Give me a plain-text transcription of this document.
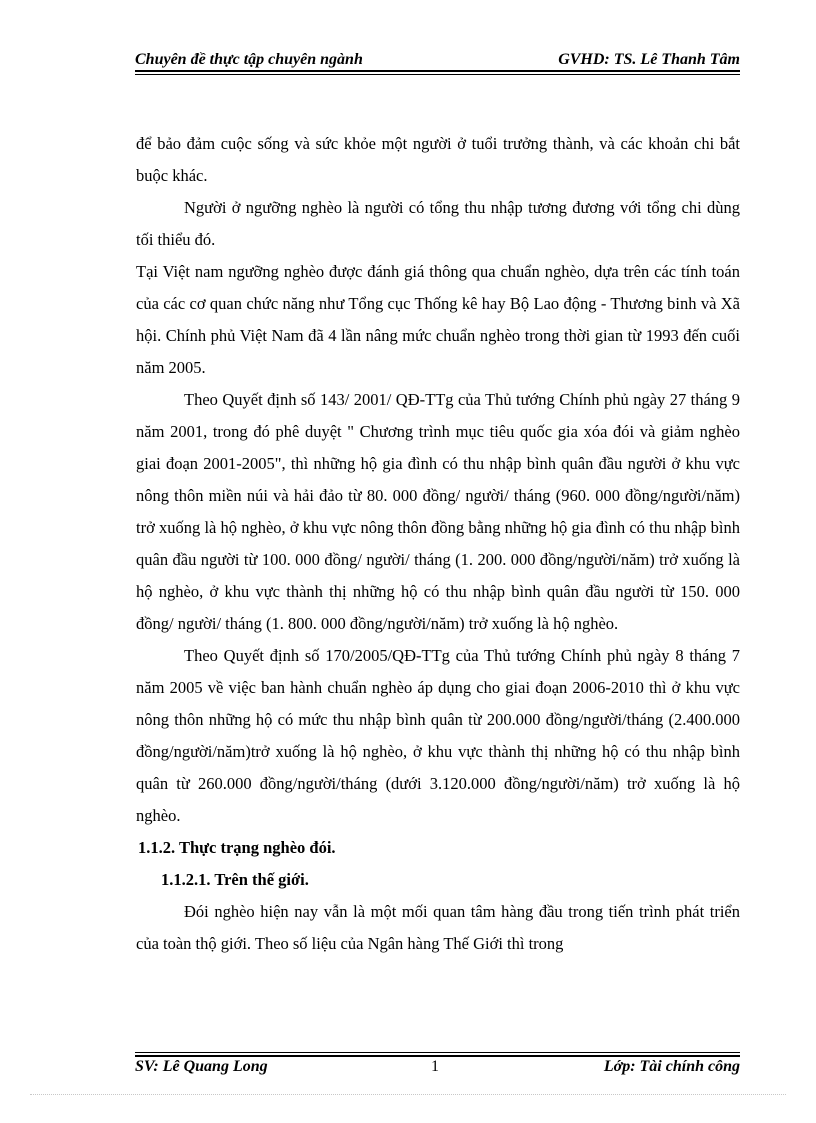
Chuyên đề thực tập chuyên ngành	GVHD: TS. Lê Thanh Tâm

để bảo đảm cuộc sống và sức khỏe một người ở tuổi trưởng thành, và các khoản chi bắt buộc khác.

Người ở ngưỡng nghèo là người có tổng thu nhập tương đương với tổng chi dùng tối thiểu đó.

Tại Việt nam ngưỡng nghèo được đánh giá thông qua chuẩn nghèo, dựa trên các tính toán của các cơ quan chức năng như Tổng cục Thống kê hay Bộ Lao động - Thương binh và Xã hội. Chính phủ Việt Nam đã 4 lần nâng mức chuẩn nghèo trong thời gian từ 1993 đến cuối năm 2005.

Theo Quyết định số 143/ 2001/ QĐ-TTg của Thủ tướng Chính phủ ngày 27 tháng 9 năm 2001, trong đó phê duyệt " Chương trình mục tiêu quốc gia xóa đói và giảm nghèo giai đoạn 2001-2005", thì những hộ gia đình có thu nhập bình quân đầu người ở khu vực nông thôn miền núi và hải đảo từ 80. 000 đồng/ người/ tháng (960. 000 đồng/người/năm) trở xuống là hộ nghèo, ở khu vực nông thôn đồng bằng những hộ gia đình có thu nhập bình quân đầu người từ 100. 000 đồng/ người/ tháng (1. 200. 000 đồng/người/năm) trở xuống là hộ nghèo, ở khu vực thành thị những hộ có thu nhập bình quân đầu người từ 150. 000 đồng/ người/ tháng (1. 800. 000 đồng/người/năm) trở xuống là hộ nghèo.

Theo Quyết định số 170/2005/QĐ-TTg của Thủ tướng Chính phủ ngày 8 tháng 7 năm 2005 về việc ban hành chuẩn nghèo áp dụng cho giai đoạn 2006-2010 thì ở khu vực nông thôn những hộ có mức thu nhập bình quân từ 200.000 đồng/người/tháng (2.400.000 đồng/người/năm)trở xuống là hộ nghèo, ở khu vực thành thị những hộ có thu nhập bình quân từ 260.000 đồng/người/tháng (dưới 3.120.000 đồng/người/năm) trở xuống là hộ nghèo.

1.1.2. Thực trạng nghèo đói.

1.1.2.1. Trên thế giới.

Đói nghèo hiện nay vẫn là một mối quan tâm hàng đầu trong tiến trình phát triển của toàn thộ giới. Theo số liệu của Ngân hàng Thế Giới thì trong

SV: Lê Quang Long	1	Lớp: Tài chính công
